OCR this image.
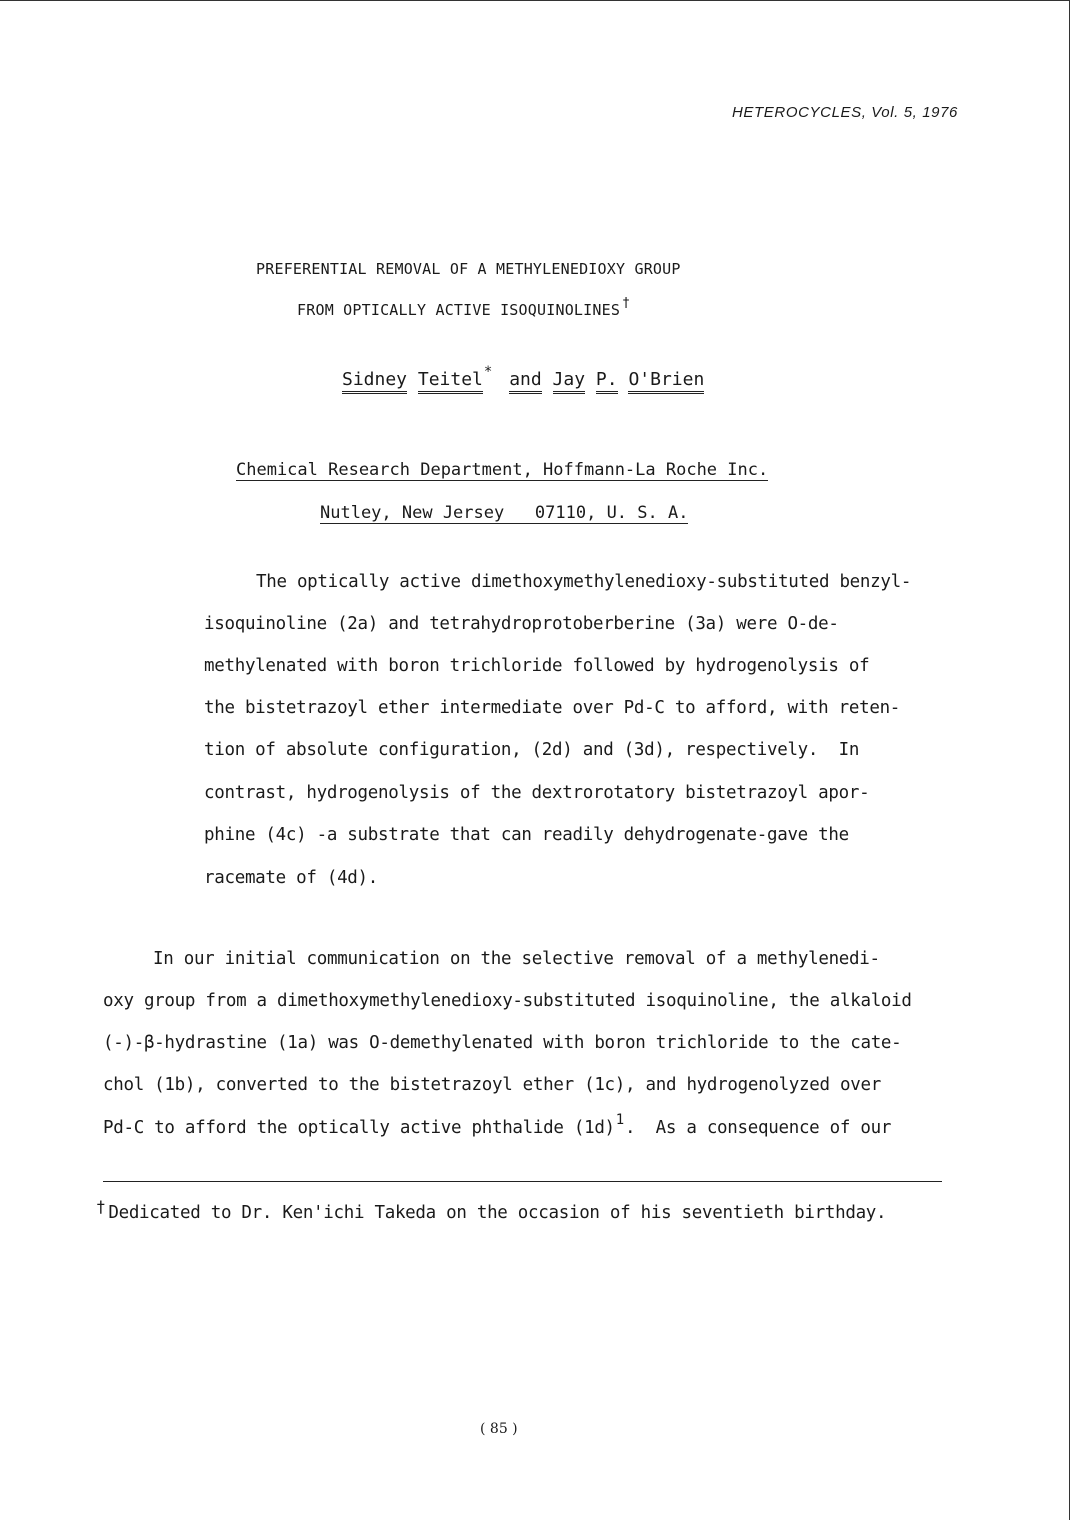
HETEROCYCLES, Vol. 5, 1976
PREFERENTIAL REMOVAL OF A METHYLENEDIOXY GROUP
FROM OPTICALLY ACTIVE ISOQUINOLINES †
Sidney Teitel* and Jay P. O'Brien
Chemical Research Department, Hoffmann-La Roche Inc.
Nutley, New Jersey   07110, U. S. A.
The optically active dimethoxymethylenedioxy-substituted benzyl-
isoquinoline (2a) and tetrahydroprotoberberine (3a) were O-de-
methylenated with boron trichloride followed by hydrogenolysis of
the bistetrazoyl ether intermediate over Pd-C to afford, with reten-
tion of absolute configuration, (2d) and (3d), respectively.  In
contrast, hydrogenolysis of the dextrorotatory bistetrazoyl apor-
phine (4c) -a substrate that can readily dehydrogenate-gave the
racemate of (4d).
In our initial communication on the selective removal of a methylenedi-
oxy group from a dimethoxymethylenedioxy-substituted isoquinoline, the alkaloid
(-)-β-hydrastine (1a) was O-demethylenated with boron trichloride to the cate-
chol (1b), converted to the bistetrazoyl ether (1c), and hydrogenolyzed over
Pd-C to afford the optically active phthalide $(1d)^1$.  As a consequence of our
† Dedicated to Dr. Ken'ichi Takeda on the occasion of his seventieth birthday.
( 85 )
